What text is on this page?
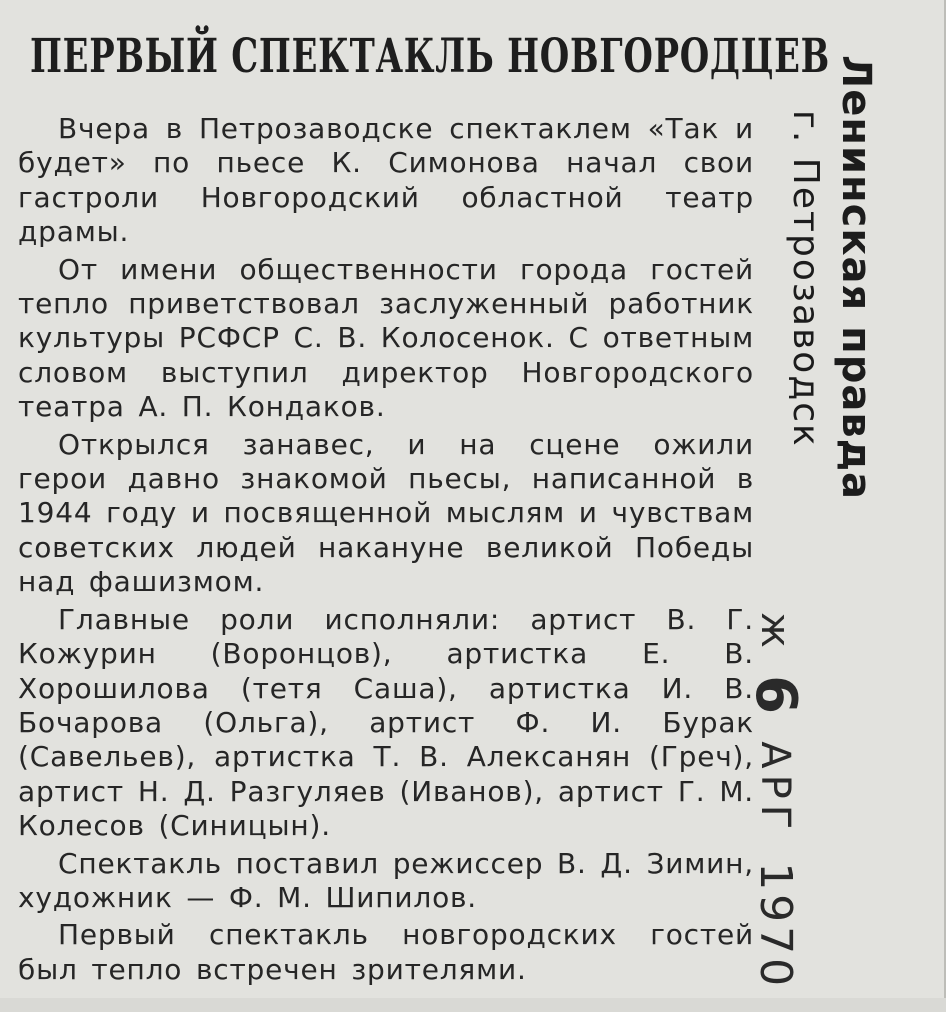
ПЕРВЫЙ СПЕКТАКЛЬ НОВГОРОДЦЕВ

Вчера в Петрозаводске спектаклем «Так и будет» по пьесе К. Симонова начал свои гастроли Новгородский областной театр драмы.

От имени общественности города гостей тепло приветствовал заслуженный работник культуры РСФСР С. В. Колосенок. С ответным словом выступил директор Новгородского театра А. П. Кондаков.

Открылся занавес, и на сцене ожили герои давно знакомой пьесы, написанной в 1944 году и посвященной мыслям и чувствам советских людей накануне великой Победы над фашизмом.

Главные роли исполняли: артист В. Г. Кожурин (Воронцов), артистка Е. В. Хорошилова (тетя Саша), артистка И. В. Бочарова (Ольга), артист Ф. И. Бурак (Савельев), артистка Т. В. Алексанян (Греч), артист Н. Д. Разгуляев (Иванов), артист Г. М. Колесов (Синицын).

Спектакль поставил режиссер В. Д. Зимин, художник — Ф. М. Шипилов.

Первый спектакль новгородских гостей был тепло встречен зрителями.

Ленинская правда
г. Петрозаводск
ж 6 АРГ 1970
